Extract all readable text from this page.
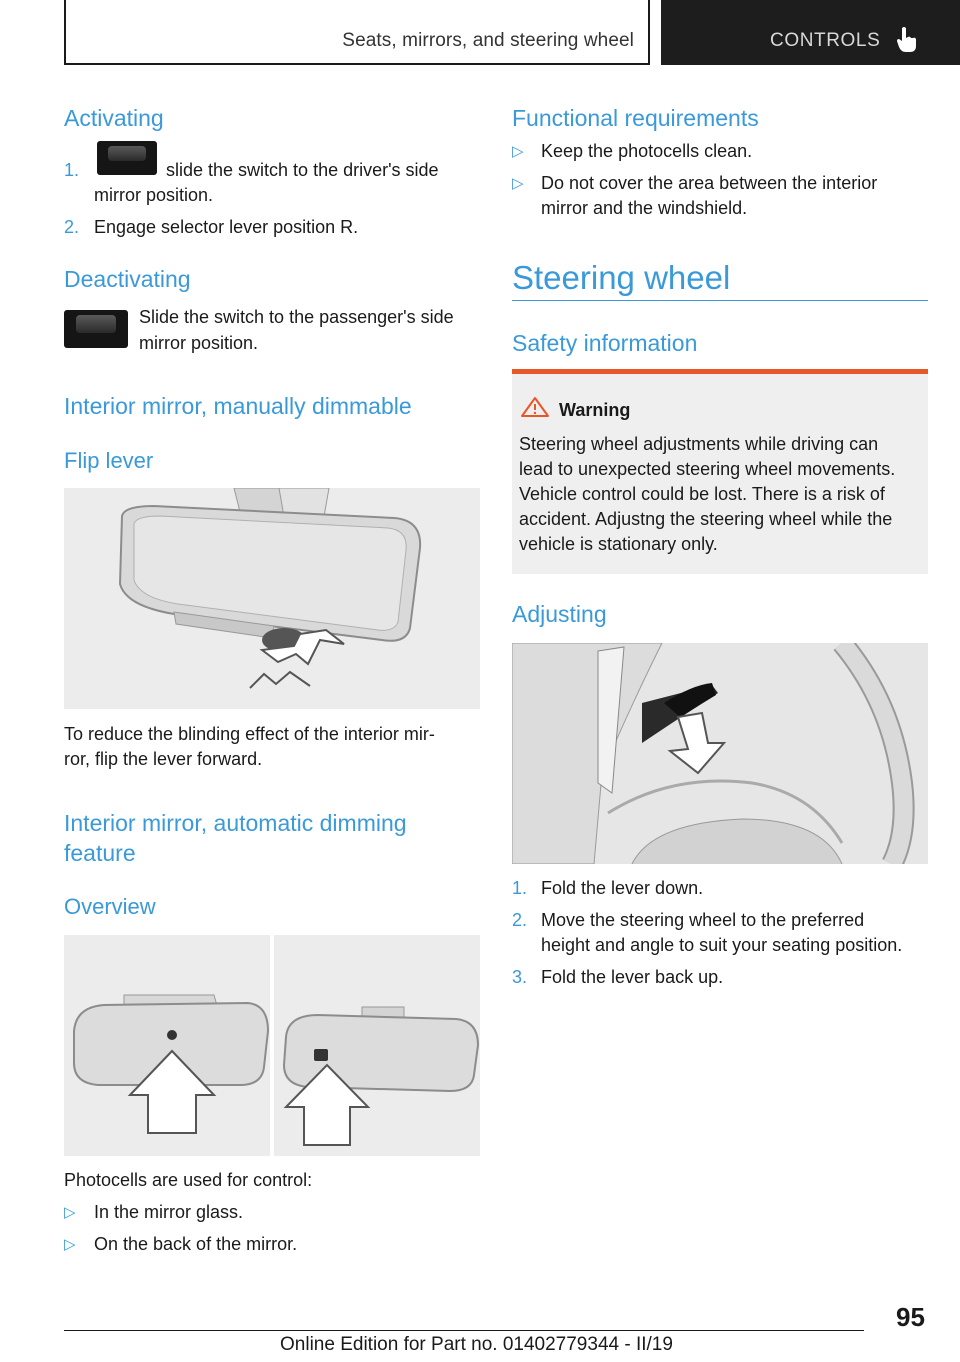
Seats, mirrors, and steering wheel	CONTROLS
Activating
1.	slide the switch to the driver's side
mirror position.
2. Engage selector lever position R.
Deactivating
Slide the switch to the passenger's side
mirror position.
Interior mirror, manually dimmable
Flip lever
To reduce the blinding effect of the interior mir-
ror, flip the lever forward.
Interior mirror, automatic dimming
feature
Overview
Photocells are used for control:
▷ In the mirror glass.
▷ On the back of the mirror.
Functional requirements
▷ Keep the photocells clean.
▷ Do not cover the area between the interior
mirror and the windshield.
Steering wheel
Safety information
Warning
Steering wheel adjustments while driving can
lead to unexpected steering wheel movements.
Vehicle control could be lost. There is a risk of
accident. Adjustng the steering wheel while the
vehicle is stationary only.
Adjusting
1. Fold the lever down.
2. Move the steering wheel to the preferred
height and angle to suit your seating position.
3. Fold the lever back up.
95
Online Edition for Part no. 01402779344 - II/19
